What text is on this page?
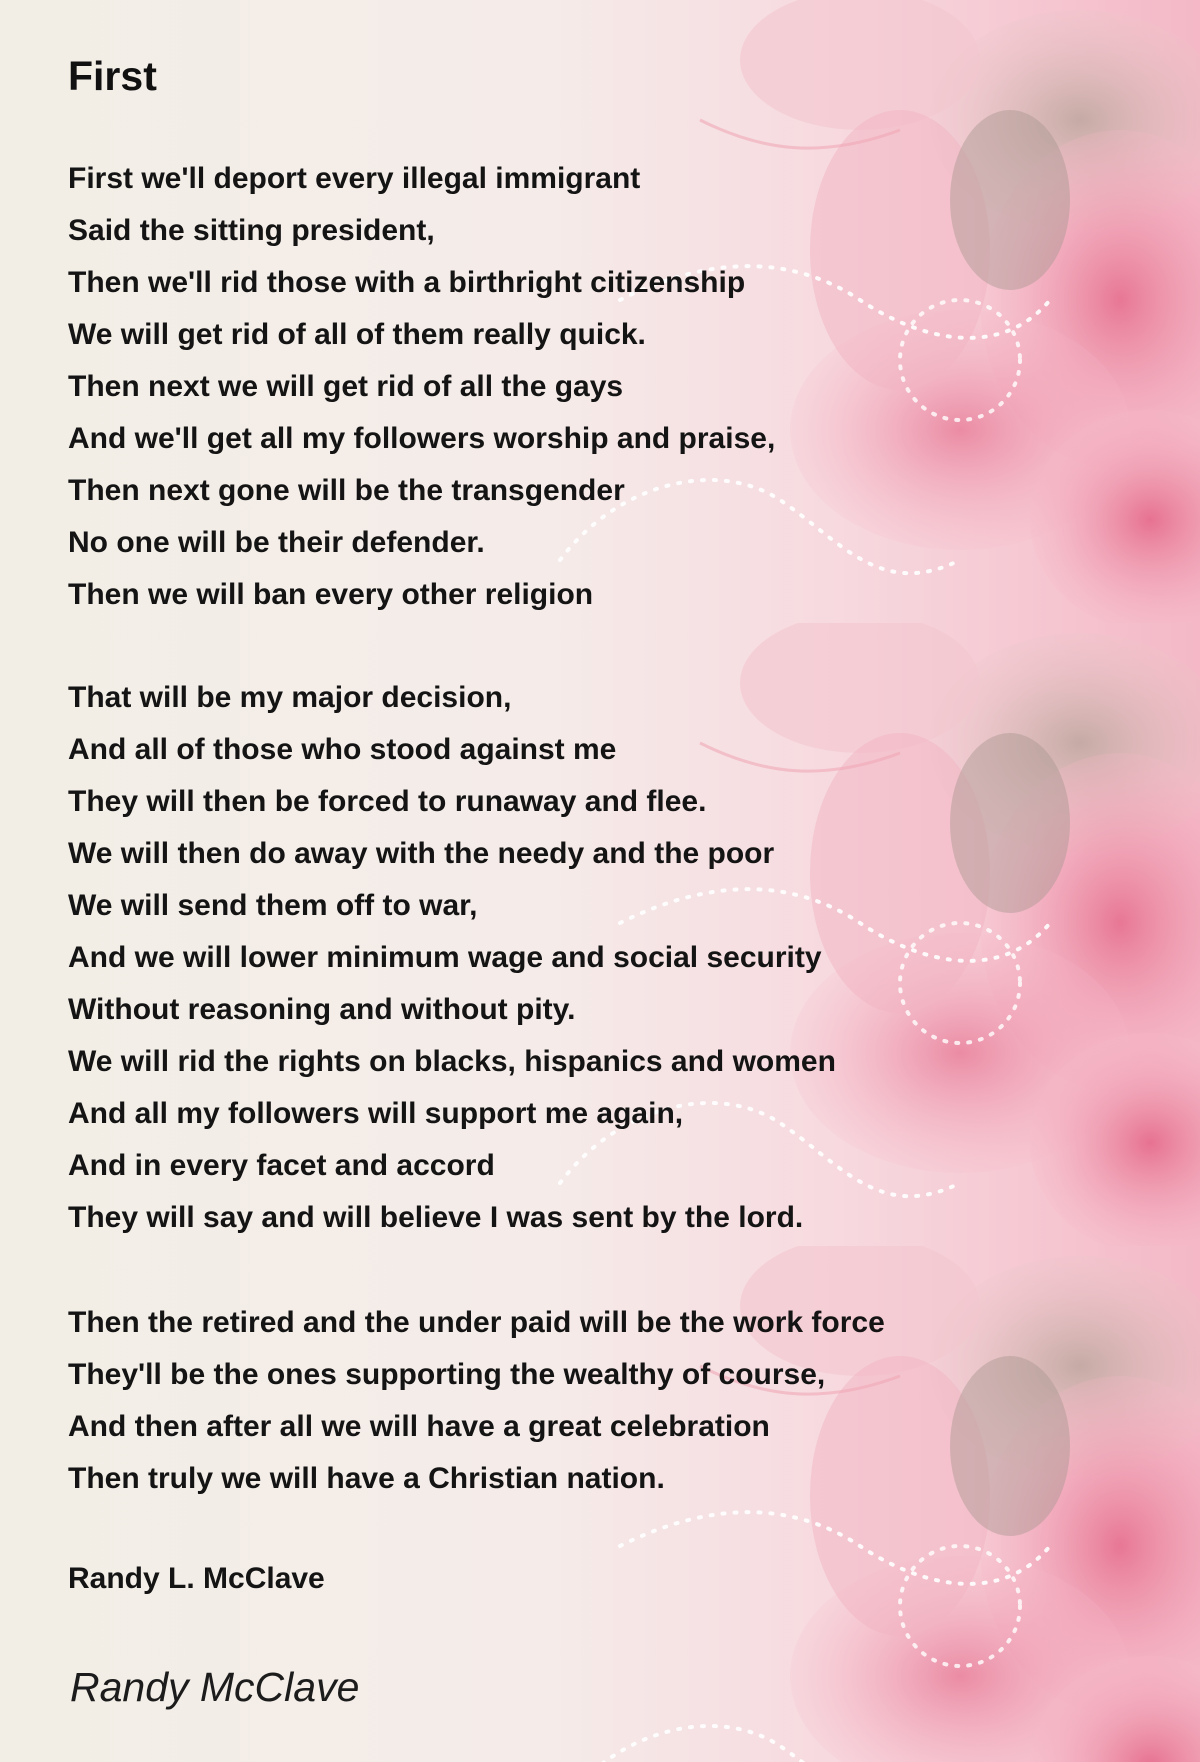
First
First we'll deport every illegal immigrant
Said the sitting president,
Then we'll rid those with a birthright citizenship
We will get rid of all of them really quick.
Then next we will get rid of all the gays
And we'll get all my followers worship and praise,
Then next gone will be the transgender
No one will be their defender.
Then we will ban every other religion
That will be my major decision,
And all of those who stood against me
They will then be forced to runaway and flee.
We will then do away with the needy and the poor
We will send them off to war,
And we will lower minimum wage and social security
Without reasoning and without pity.
We will rid the rights on blacks, hispanics and women
And all my followers will support me again,
And in every facet and accord
They will say and will believe I was sent by the lord.
Then the retired and the under paid will be the work force
They'll be the ones supporting the wealthy of course,
And then after all we will have a great celebration
Then truly we will have a Christian nation.

Randy L. McClave

Randy McClave
